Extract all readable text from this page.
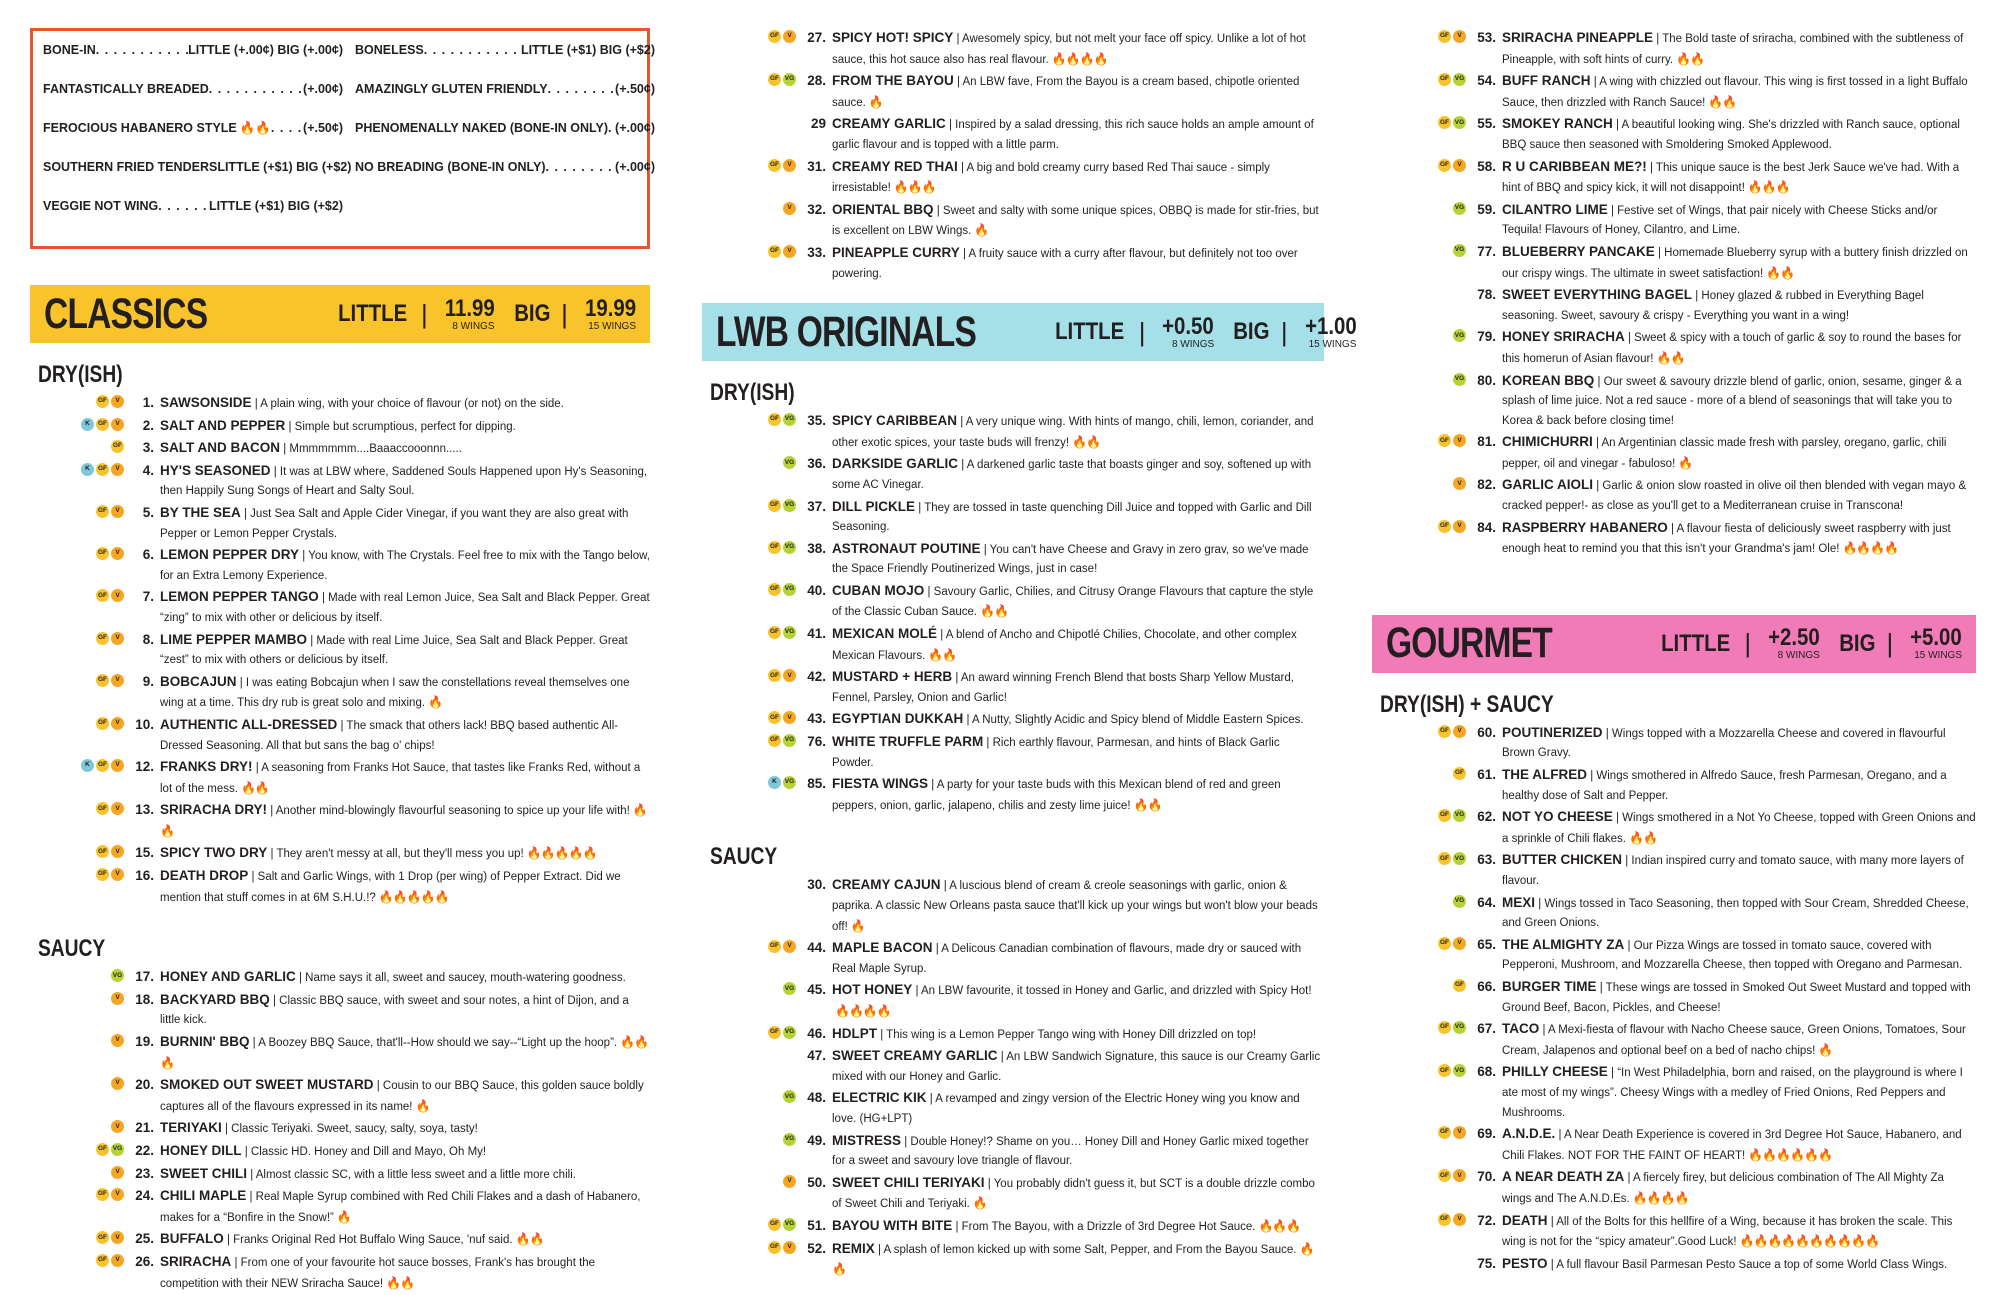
BONE-IN . . .	LITTLE (+.00¢) BIG (+.00¢) BONELESS . . .	LITTLE (+$1) BIG (+$2)
FANTASTICALLY BREADED . . .	(+.00¢) AMAZINGLY GLUTEN FRIENDLY . . .	(+.50¢)
FEROCIOUS HABANERO STYLE 🔥🔥 . . .	(+.50¢) PHENOMENALLY NAKED (BONE-IN ONLY) . . . (+.00¢)
SOUTHERN FRIED TENDERS LITTLE (+$1) BIG (+$2) NO BREADING (BONE-IN ONLY) . . .	(+.00¢)
VEGGIE NOT WING . . .	LITTLE (+$1) BIG (+$2)
CLASSICS	LITTLE | 11.99
8 WINGS BIG | 19.99
15 WINGS
DRY(ISH)
GF	V	1. SAWSONSIDE | A plain wing, with your choice of flavour (or not) on the side.
K	GF	V	2. SALT AND PEPPER | Simple but scrumptious, perfect for dipping.
GF	3. SALT AND BACON | Mmmmmmm....Baaaccooonnn.....
K	GF	V	4. HY'S SEASONED | It was at LBW where, Saddened Souls Happened upon Hy's Seasoning, then Happily Sung Songs of Heart and Salty Soul.
GF	V	5. BY THE SEA | Just Sea Salt and Apple Cider Vinegar, if you want they are also great with Pepper or Lemon Pepper Crystals.
GF	V	6. LEMON PEPPER DRY | You know, with The Crystals. Feel free to mix with the Tango below, for an Extra Lemony Experience.
GF	V	7. LEMON PEPPER TANGO | Made with real Lemon Juice, Sea Salt and Black Pepper. Great “zing” to mix with other or delicious by itself.
GF	V	8. LIME PEPPER MAMBO | Made with real Lime Juice, Sea Salt and Black Pepper. Great “zest” to mix with others or delicious by itself.
GF	V	9. BOBCAJUN | I was eating Bobcajun when I saw the constellations reveal themselves one wing at a time. This dry rub is great solo and mixing. 🔥
GF	V	10. AUTHENTIC ALL-DRESSED | The smack that others lack! BBQ based authentic All-Dressed Seasoning. All that but sans the bag o' chips!
K	GF	V	12. FRANKS DRY! | A seasoning from Franks Hot Sauce, that tastes like Franks Red, without a lot of the mess. 🔥🔥
GF	V	13. SRIRACHA DRY! | Another mind-blowingly flavourful seasoning to spice up your life with! 🔥🔥
GF	V	15. SPICY TWO DRY | They aren't messy at all, but they'll mess you up! 🔥🔥🔥🔥🔥
GF	V	16. DEATH DROP | Salt and Garlic Wings, with 1 Drop (per wing) of Pepper Extract. Did we mention that stuff comes in at 6M S.H.U.!? 🔥🔥🔥🔥🔥
SAUCY
VG 17. HONEY AND GARLIC | Name says it all, sweet and saucey, mouth-watering goodness.
V	18. BACKYARD BBQ | Classic BBQ sauce, with sweet and sour notes, a hint of Dijon, and a little kick.
V	19. BURNIN' BBQ | A Boozey BBQ Sauce, that'll--How should we say--“Light up the hoop”. 🔥🔥🔥
V	20. SMOKED OUT SWEET MUSTARD | Cousin to our BBQ Sauce, this golden sauce boldly captures all of the flavours expressed in its name! 🔥
V	21. TERIYAKI | Classic Teriyaki. Sweet, saucy, salty, soya, tasty!
GF VG 22. HONEY DILL | Classic HD. Honey and Dill and Mayo, Oh My!
V	23. SWEET CHILI | Almost classic SC, with a little less sweet and a little more chili.
GF	V	24. CHILI MAPLE | Real Maple Syrup combined with Red Chili Flakes and a dash of Habanero, makes for a “Bonfire in the Snow!” 🔥
GF	V	25. BUFFALO | Franks Original Red Hot Buffalo Wing Sauce, 'nuf said. 🔥🔥
GF	V	26. SRIRACHA | From one of your favourite hot sauce bosses, Frank's has brought the competition with their NEW Sriracha Sauce! 🔥🔥
GF	V	27. SPICY HOT! SPICY | Awesomely spicy, but not melt your face off spicy. Unlike a lot of hot sauce, this hot sauce also has real flavour. 🔥🔥🔥🔥
GF VG 28. FROM THE BAYOU | An LBW fave, From the Bayou is a cream based, chipotle oriented sauce. 🔥
29 CREAMY GARLIC | Inspired by a salad dressing, this rich sauce holds an ample amount of garlic flavour and is topped with a little parm.
GF	V	31. CREAMY RED THAI | A big and bold creamy curry based Red Thai sauce - simply irresistable! 🔥🔥🔥
V	32. ORIENTAL BBQ | Sweet and salty with some unique spices, OBBQ is made for stir-fries, but is excellent on LBW Wings. 🔥
GF	V	33. PINEAPPLE CURRY | A fruity sauce with a curry after flavour, but definitely not too over powering.
LWB ORIGINALS	LITTLE | +0.50
8 WINGS BIG | +1.00
15 WINGS
DRY(ISH)
GF VG 35. SPICY CARIBBEAN | A very unique wing. With hints of mango, chili, lemon, coriander, and other exotic spices, your taste buds will frenzy! 🔥🔥
VG 36. DARKSIDE GARLIC | A darkened garlic taste that boasts ginger and soy, softened up with some AC Vinegar.
GF VG 37. DILL PICKLE | They are tossed in taste quenching Dill Juice and topped with Garlic and Dill Seasoning.
GF VG 38. ASTRONAUT POUTINE | You can't have Cheese and Gravy in zero grav, so we've made the Space Friendly Poutinerized Wings, just in case!
GF VG 40. CUBAN MOJO | Savoury Garlic, Chilies, and Citrusy Orange Flavours that capture the style of the Classic Cuban Sauce. 🔥🔥
GF VG 41. MEXICAN MOLÉ | A blend of Ancho and Chipotlé Chilies, Chocolate, and other complex Mexican Flavours. 🔥🔥
GF	V	42. MUSTARD + HERB | An award winning French Blend that bosts Sharp Yellow Mustard, Fennel, Parsley, Onion and Garlic!
GF	V	43. EGYPTIAN DUKKAH | A Nutty, Slightly Acidic and Spicy blend of Middle Eastern Spices.
GF VG 76. WHITE TRUFFLE PARM | Rich earthly flavour, Parmesan, and hints of Black Garlic Powder.
K	VG 85. FIESTA WINGS | A party for your taste buds with this Mexican blend of red and green peppers, onion, garlic, jalapeno, chilis and zesty lime juice! 🔥🔥
SAUCY
30. CREAMY CAJUN | A luscious blend of cream & creole seasonings with garlic, onion & paprika. A classic New Orleans pasta sauce that'll kick up your wings but won't blow your beads off! 🔥
GF	V	44. MAPLE BACON | A Delicous Canadian combination of flavours, made dry or sauced with Real Maple Syrup.
VG 45. HOT HONEY | An LBW favourite, it tossed in Honey and Garlic, and drizzled with Spicy Hot!🔥🔥🔥🔥
GF VG 46. HDLPT | This wing is a Lemon Pepper Tango wing with Honey Dill drizzled on top!
47. SWEET CREAMY GARLIC | An LBW Sandwich Signature, this sauce is our Creamy Garlic mixed with our Honey and Garlic.
VG 48. ELECTRIC KIK | A revamped and zingy version of the Electric Honey wing you know and love. (HG+LPT)
VG 49. MISTRESS | Double Honey!? Shame on you… Honey Dill and Honey Garlic mixed together for a sweet and savoury love triangle of flavour.
V	50. SWEET CHILI TERIYAKI | You probably didn't guess it, but SCT is a double drizzle combo of Sweet Chili and Teriyaki. 🔥
GF VG 51. BAYOU WITH BITE | From The Bayou, with a Drizzle of 3rd Degree Hot Sauce. 🔥🔥🔥
GF	V	52. REMIX | A splash of lemon kicked up with some Salt, Pepper, and From the Bayou Sauce. 🔥🔥
GF	V	53. SRIRACHA PINEAPPLE | The Bold taste of sriracha, combined with the subtleness of Pineapple, with soft hints of curry. 🔥🔥
GF VG 54. BUFF RANCH | A wing with chizzled out flavour. This wing is first tossed in a light Buffalo Sauce, then drizzled with Ranch Sauce! 🔥🔥
GF VG 55. SMOKEY RANCH | A beautiful looking wing. She's drizzled with Ranch sauce, optional BBQ sauce then seasoned with Smoldering Smoked Applewood.
GF	V	58. R U CARIBBEAN ME?! | This unique sauce is the best Jerk Sauce we've had. With a hint of BBQ and spicy kick, it will not disappoint! 🔥🔥🔥
VG 59. CILANTRO LIME | Festive set of Wings, that pair nicely with Cheese Sticks and/or Tequila! Flavours of Honey, Cilantro, and Lime.
VG 77. BLUEBERRY PANCAKE | Homemade Blueberry syrup with a buttery finish drizzled on our crispy wings. The ultimate in sweet satisfaction! 🔥🔥
78. SWEET EVERYTHING BAGEL | Honey glazed & rubbed in Everything Bagel seasoning. Sweet, savoury & crispy - Everything you want in a wing!
VG 79. HONEY SRIRACHA | Sweet & spicy with a touch of garlic & soy to round the bases for this homerun of Asian flavour! 🔥🔥
VG 80. KOREAN BBQ | Our sweet & savoury drizzle blend of garlic, onion, sesame, ginger & a splash of lime juice. Not a red sauce - more of a blend of seasonings that will take you to Korea & back before closing time!
GF	V	81. CHIMICHURRI | An Argentinian classic made fresh with parsley, oregano, garlic, chili pepper, oil and vinegar - fabuloso! 🔥
V	82. GARLIC AIOLI | Garlic & onion slow roasted in olive oil then blended with vegan mayo & cracked pepper!- as close as you'll get to a Mediterranean cruise in Transcona!
GF	V	84. RASPBERRY HABANERO | A flavour fiesta of deliciously sweet raspberry with just enough heat to remind you that this isn't your Grandma's jam! Ole! 🔥🔥🔥🔥
GOURMET	LITTLE | +2.50
8 WINGS BIG | +5.00
15 WINGS
DRY(ISH) + SAUCY
GF	V	60. POUTINERIZED | Wings topped with a Mozzarella Cheese and covered in flavourful Brown Gravy.
GF 61. THE ALFRED | Wings smothered in Alfredo Sauce, fresh Parmesan, Oregano, and a healthy dose of Salt and Pepper.
GF VG 62. NOT YO CHEESE | Wings smothered in a Not Yo Cheese, topped with Green Onions and a sprinkle of Chili flakes. 🔥🔥
GF VG 63. BUTTER CHICKEN | Indian inspired curry and tomato sauce, with many more layers of flavour.
VG 64. MEXI | Wings tossed in Taco Seasoning, then topped with Sour Cream, Shredded Cheese, and Green Onions.
GF	V	65. THE ALMIGHTY ZA | Our Pizza Wings are tossed in tomato sauce, covered with Pepperoni, Mushroom, and Mozzarella Cheese, then topped with Oregano and Parmesan.
GF 66. BURGER TIME | These wings are tossed in Smoked Out Sweet Mustard and topped with Ground Beef, Bacon, Pickles, and Cheese!
GF VG 67. TACO | A Mexi-fiesta of flavour with Nacho Cheese sauce, Green Onions, Tomatoes, Sour Cream, Jalapenos and optional beef on a bed of nacho chips! 🔥
GF VG 68. PHILLY CHEESE | “In West Philadelphia, born and raised, on the playground is where I ate most of my wings”. Cheesy Wings with a medley of Fried Onions, Red Peppers and Mushrooms.
GF	V	69. A.N.D.E. | A Near Death Experience is covered in 3rd Degree Hot Sauce, Habanero, and Chili Flakes. NOT FOR THE FAINT OF HEART! 🔥🔥🔥🔥🔥🔥
GF	V	70. A NEAR DEATH ZA | A fiercely firey, but delicious combination of The All Mighty Za wings and The A.N.D.Es. 🔥🔥🔥🔥
GF	V	72. DEATH | All of the Bolts for this hellfire of a Wing, because it has broken the scale. This wing is not for the “spicy amateur”.Good Luck! 🔥🔥🔥🔥🔥🔥🔥🔥🔥🔥
75. PESTO | A full flavour Basil Parmesan Pesto Sauce a top of some World Class Wings.
